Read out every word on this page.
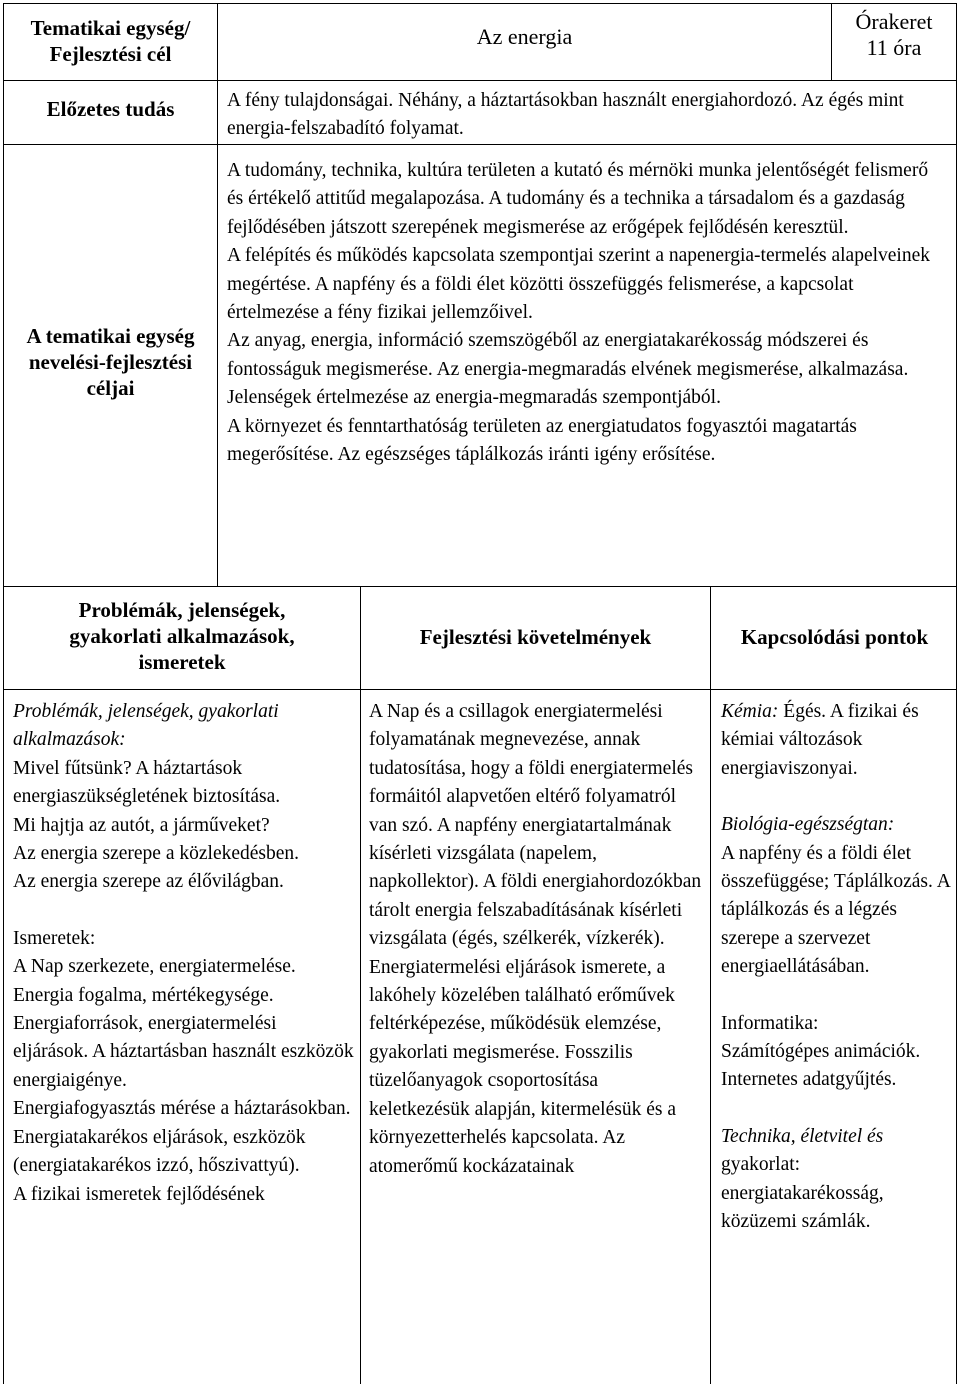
Tematikai egység/
Fejlesztési cél
Az energia
Órakeret
11 óra
Előzetes tudás	A fény tulajdonságai. Néhány, a háztartásokban használt energiahordozó. Az égés mint energia-felszabadító folyamat.

A tematikai egység nevelési-fejlesztési céljai

A tudomány, technika, kultúra területen a kutató és mérnöki munka jelentőségét felismerő és értékelő attitűd megalapozása. A tudomány és a technika a társadalom és a gazdaság fejlődésében játszott szerepének megismerése az erőgépek fejlődésén keresztül.

A felépítés és működés kapcsolata szempontjai szerint a napenergia-termelés alapelveinek megértése. A napfény és a földi élet közötti összefüggés felismerése, a kapcsolat értelmezése a fény fizikai jellemzőivel.

Az anyag, energia, információ szemszögéből az energiatakarékosság módszerei és fontosságuk megismerése. Az energia-megmaradás elvének megismerése, alkalmazása. Jelenségek értelmezése az energia-megmaradás szempontjából.

A környezet és fenntarthatóság területen az energiatudatos fogyasztói magatartás megerősítése. Az egészséges táplálkozás iránti igény erősítése.

Problémák, jelenségek, gyakorlati alkalmazások, ismeretek
Fejlesztési követelmények	Kapcsolódási pontok

Problémák, jelenségek, gyakorlati alkalmazások:

Mivel fűtsünk? A háztartások energiaszükségletének biztosítása.

Mi hajtja az autót, a járműveket?

Az energia szerepe a közlekedésben.

Az energia szerepe az élővilágban.

Ismeretek:

A Nap szerkezete, energiatermelése. Energia fogalma, mértékegysége.

Energiaforrások, energiatermelési eljárások. A háztartásban használt eszközök energiaigénye.

Energiafogyasztás mérése a háztarásokban.

Energiatakarékos eljárások, eszközök (energiatakarékos izzó, hőszivattyú).

A fizikai ismeretek fejlődésének

A Nap és a csillagok energiatermelési folyamatának megnevezése, annak tudatosítása, hogy a földi energiatermelés formáitól alapvetően eltérő folyamatról van szó. A napfény energiatartalmának kísérleti vizsgálata (napelem, napkollektor). A földi energiahordozókban tárolt energia felszabadításának kísérleti vizsgálata (égés, szélkerék, vízkerék). Energiatermelési eljárások ismerete, a lakóhely közelében található erőművek feltérképezése, működésük elemzése, gyakorlati megismerése. Fosszilis tüzelőanyagok csoportosítása keletkezésük alapján, kitermelésük és a környezetterhelés kapcsolata. Az atomerőmű kockázatainak

Kémia: Égés. A fizikai és kémiai változások energiaviszonyai.

Biológia-egészségtan:

A napfény és a földi élet összefüggése; Táplálkozás. A táplálkozás és a légzés szerepe a szervezet energiaellátásában.

Informatika:

Számítógépes animációk. Internetes adatgyűjtés.

Technika, életvitel és

gyakorlat:

energiatakarékosság, közüzemi számlák.
